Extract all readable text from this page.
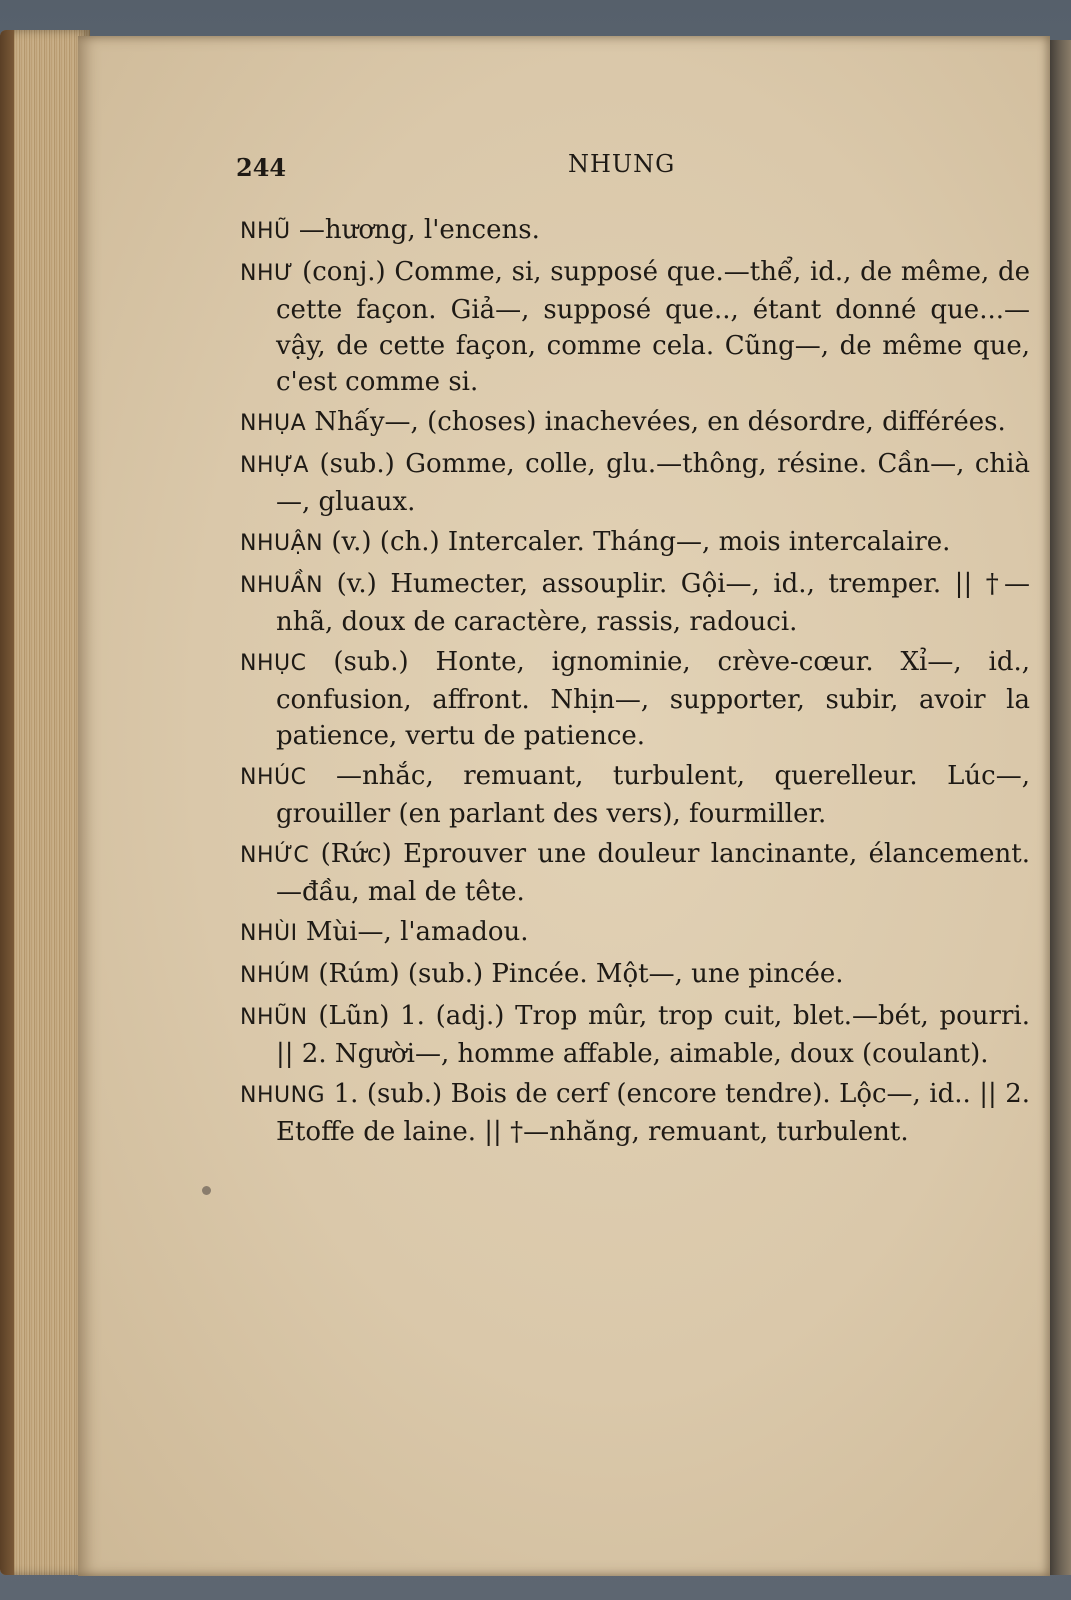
244	NHUNG
NHŨ —hương, l'encens.
NHƯ (conj.) Comme, si, supposé que.—thể, id., de même, de cette façon. Giả—, supposé que.., étant donné que...—vậy, de cette façon, comme cela. Cũng—, de même que, c'est comme si.
NHỤA Nhấy—, (choses) inachevées, en désordre, différées.
NHỰA (sub.) Gomme, colle, glu.—thông, résine. Cần—, chià—, gluaux.
NHUẬN (v.) (ch.) Intercaler. Tháng—, mois intercalaire.
NHUẦN (v.) Humecter, assouplir. Gội—, id., tremper. || †—nhã, doux de caractère, rassis, radouci.
NHỤC (sub.) Honte, ignominie, crève-cœur. Xỉ—, id., confusion, affront. Nhịn—, supporter, subir, avoir la patience, vertu de patience.
NHÚC —nhắc, remuant, turbulent, querelleur. Lúc—, grouiller (en parlant des vers), fourmiller.
NHỨC (Rức) Eprouver une douleur lancinante, élancement.—đầu, mal de tête.
NHÙI Mùi—, l'amadou.
NHÚM (Rúm) (sub.) Pincée. Một—, une pincée.
NHŨN (Lũn) 1. (adj.) Trop mûr, trop cuit, blet.—bét, pourri. || 2. Người—, homme affable, aimable, doux (coulant).
NHUNG 1. (sub.) Bois de cerf (encore tendre). Lộc—, id.. || 2. Etoffe de laine. || †—nhăng, remuant, turbulent.
